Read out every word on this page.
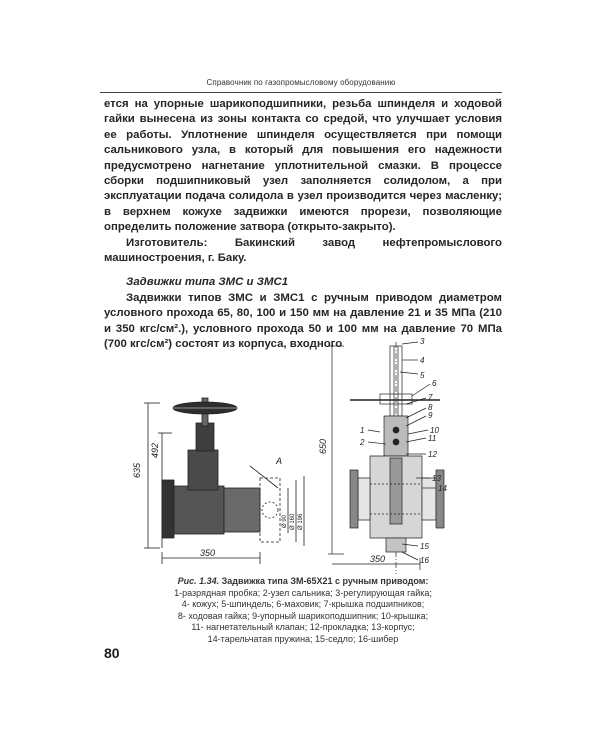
Справочник по газопромысловому оборудованию

ется на упорные шарикоподшипники, резьба шпинделя и ходовой гайки вынесена из зоны контакта со средой, что улучшает условия ее работы. Уплотнение шпинделя осуществляется при помощи сальникового узла, в который для повышения его надежности предусмотрено нагнетание уплотнительной смазки. В процессе сборки подшипниковый узел заполняется солидолом, а при эксплуатации подача солидола в узел производится через масленку; в верхнем кожухе задвижки имеются прорези, позволяющие определить положение затвора (открыто-закрыто).

Изготовитель: Бакинский завод нефтепромыслового машиностроения, г. Баку.

Задвижки типа ЗМС и ЗМС1

Задвижки типов ЗМС и ЗМС1 с ручным приводом диаметром условного прохода 65, 80, 100 и 150 мм на давление 21 и 35 МПа (210 и 350 кгс/см².), условного прохода 50 и 100 мм на давление 70 МПа (700 кгс/см²) состоят из корпуса, входного

635
492
350
A
Ø 90 Ø 160 Ø 196
650
350
3
4
5
6
7
8
9
10
11
12
1
2
13
14
15
16
Рис. 1.34. Задвижка типа ЗМ-65Х21 с ручным приводом:
1-разрядная пробка; 2-узел сальника; 3-регулирующая гайка;
4- кожух; 5-шпиндель; 6-маховик; 7-крышка подшипников;
8- ходовая гайка; 9-упорный шарикоподшипник; 10-крышка;
11- нагнетательный клапан; 12-прокладка; 13-корпус;
14-тарельчатая пружина; 15-седло; 16-шибер
80
